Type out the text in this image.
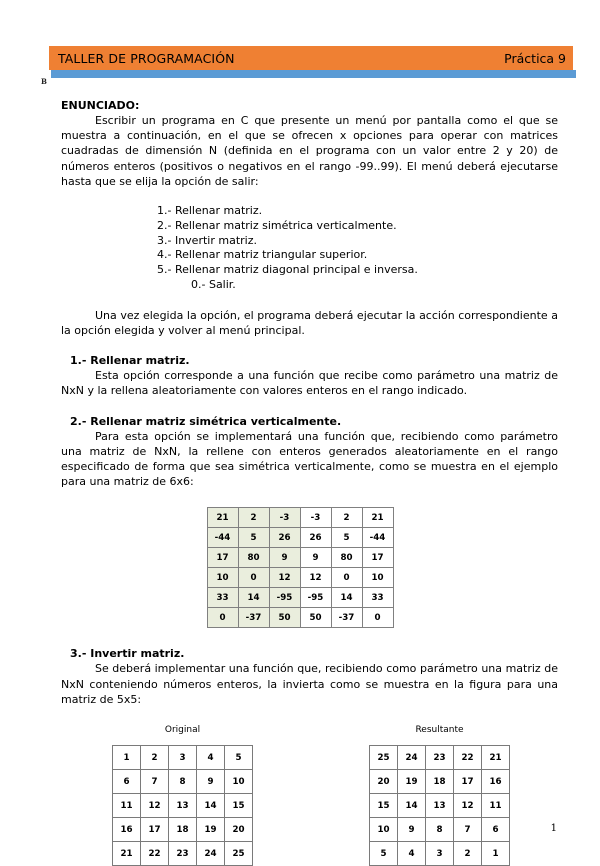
TALLER DE PROGRAMACIÓN	Práctica 9
B
ENUNCIADO:

Escribir un programa en C que presente un menú por pantalla como el que se muestra a continuación, en el que se ofrecen x opciones para operar con matrices cuadradas de dimensión N (definida en el programa con un valor entre 2 y 20) de números enteros (positivos o negativos en el rango -99..99). El menú deberá ejecutarse hasta que se elija la opción de salir:

1.- Rellenar matriz.
2.- Rellenar matriz simétrica verticalmente.
3.- Invertir matriz.
4.- Rellenar matriz triangular superior.
5.- Rellenar matriz diagonal principal e inversa.
0.- Salir.

Una vez elegida la opción, el programa deberá ejecutar la acción correspondiente a la opción elegida y volver al menú principal.

1.- Rellenar matriz.

Esta opción corresponde a una función que recibe como parámetro una matriz de NxN y la rellena aleatoriamente con valores enteros en el rango indicado.

2.- Rellenar matriz simétrica verticalmente.

Para esta opción se implementará una función que, recibiendo como parámetro una matriz de NxN, la rellene con enteros generados aleatoriamente en el rango especificado de forma que sea simétrica verticalmente, como se muestra en el ejemplo para una matriz de 6x6:

21	2	-3	-3	2	21
-44	5	26	26	5	-44
17	80	9	9	80	17
10	0	12	12	0	10
33	14	-95	-95	14	33
0	-37	50	50	-37	0
3.- Invertir matriz.

Se deberá implementar una función que, recibiendo como parámetro una matriz de NxN conteniendo números enteros, la invierta como se muestra en la figura para una matriz de 5x5:

Original
1	2	3	4	5
6	7	8	9	10
11	12	13	14	15
16	17	18	19	20
21	22	23	24	25
Resultante
25	24	23	22	21
20	19	18	17	16
15	14	13	12	11
10	9	8	7	6
5	4	3	2	1
1
